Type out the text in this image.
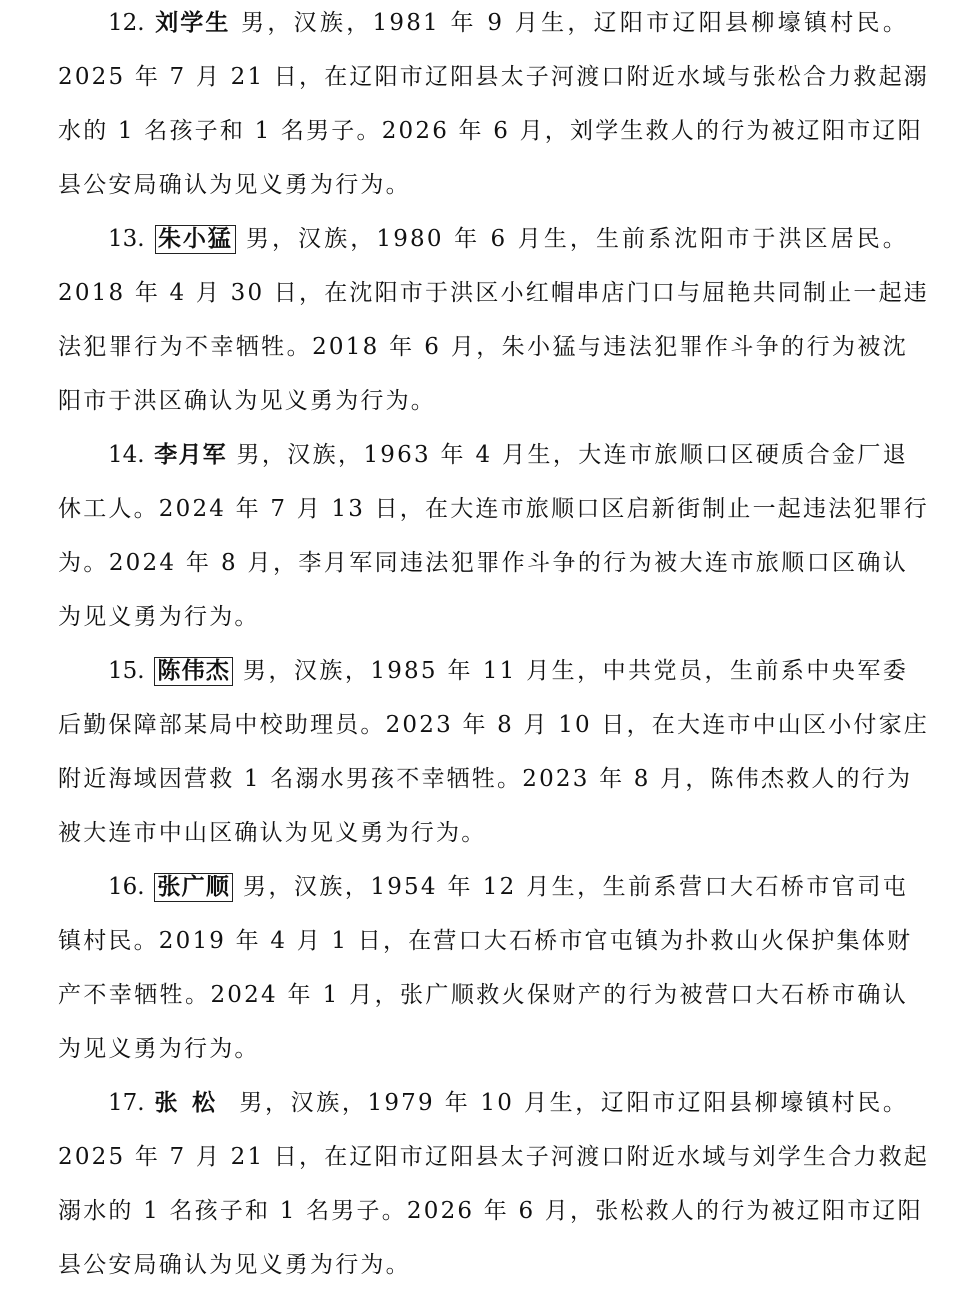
12. 刘学生 男，汉族，1981 年 9 月生，辽阳市辽阳县柳壕镇村民。
2025 年 7 月 21 日，在辽阳市辽阳县太子河渡口附近水域与张松合力救起溺
水的 1 名孩子和 1 名男子。2026 年 6 月，刘学生救人的行为被辽阳市辽阳
县公安局确认为见义勇为行为。
13. 朱小猛 男，汉族，1980 年 6 月生，生前系沈阳市于洪区居民。
2018 年 4 月 30 日，在沈阳市于洪区小红帽串店门口与屈艳共同制止一起违
法犯罪行为不幸牺牲。2018 年 6 月，朱小猛与违法犯罪作斗争的行为被沈
阳市于洪区确认为见义勇为行为。
14. 李月军 男，汉族，1963 年 4 月生，大连市旅顺口区硬质合金厂退
休工人。2024 年 7 月 13 日，在大连市旅顺口区启新街制止一起违法犯罪行
为。2024 年 8 月，李月军同违法犯罪作斗争的行为被大连市旅顺口区确认
为见义勇为行为。
15. 陈伟杰 男，汉族，1985 年 11 月生，中共党员，生前系中央军委
后勤保障部某局中校助理员。2023 年 8 月 10 日，在大连市中山区小付家庄
附近海域因营救 1 名溺水男孩不幸牺牲。2023 年 8 月，陈伟杰救人的行为
被大连市中山区确认为见义勇为行为。
16. 张广顺 男，汉族，1954 年 12 月生，生前系营口大石桥市官司屯
镇村民。2019 年 4 月 1 日，在营口大石桥市官屯镇为扑救山火保护集体财
产不幸牺牲。2024 年 1 月，张广顺救火保财产的行为被营口大石桥市确认
为见义勇为行为。
17. 张松 男，汉族，1979 年 10 月生，辽阳市辽阳县柳壕镇村民。
2025 年 7 月 21 日，在辽阳市辽阳县太子河渡口附近水域与刘学生合力救起
溺水的 1 名孩子和 1 名男子。2026 年 6 月，张松救人的行为被辽阳市辽阳
县公安局确认为见义勇为行为。
